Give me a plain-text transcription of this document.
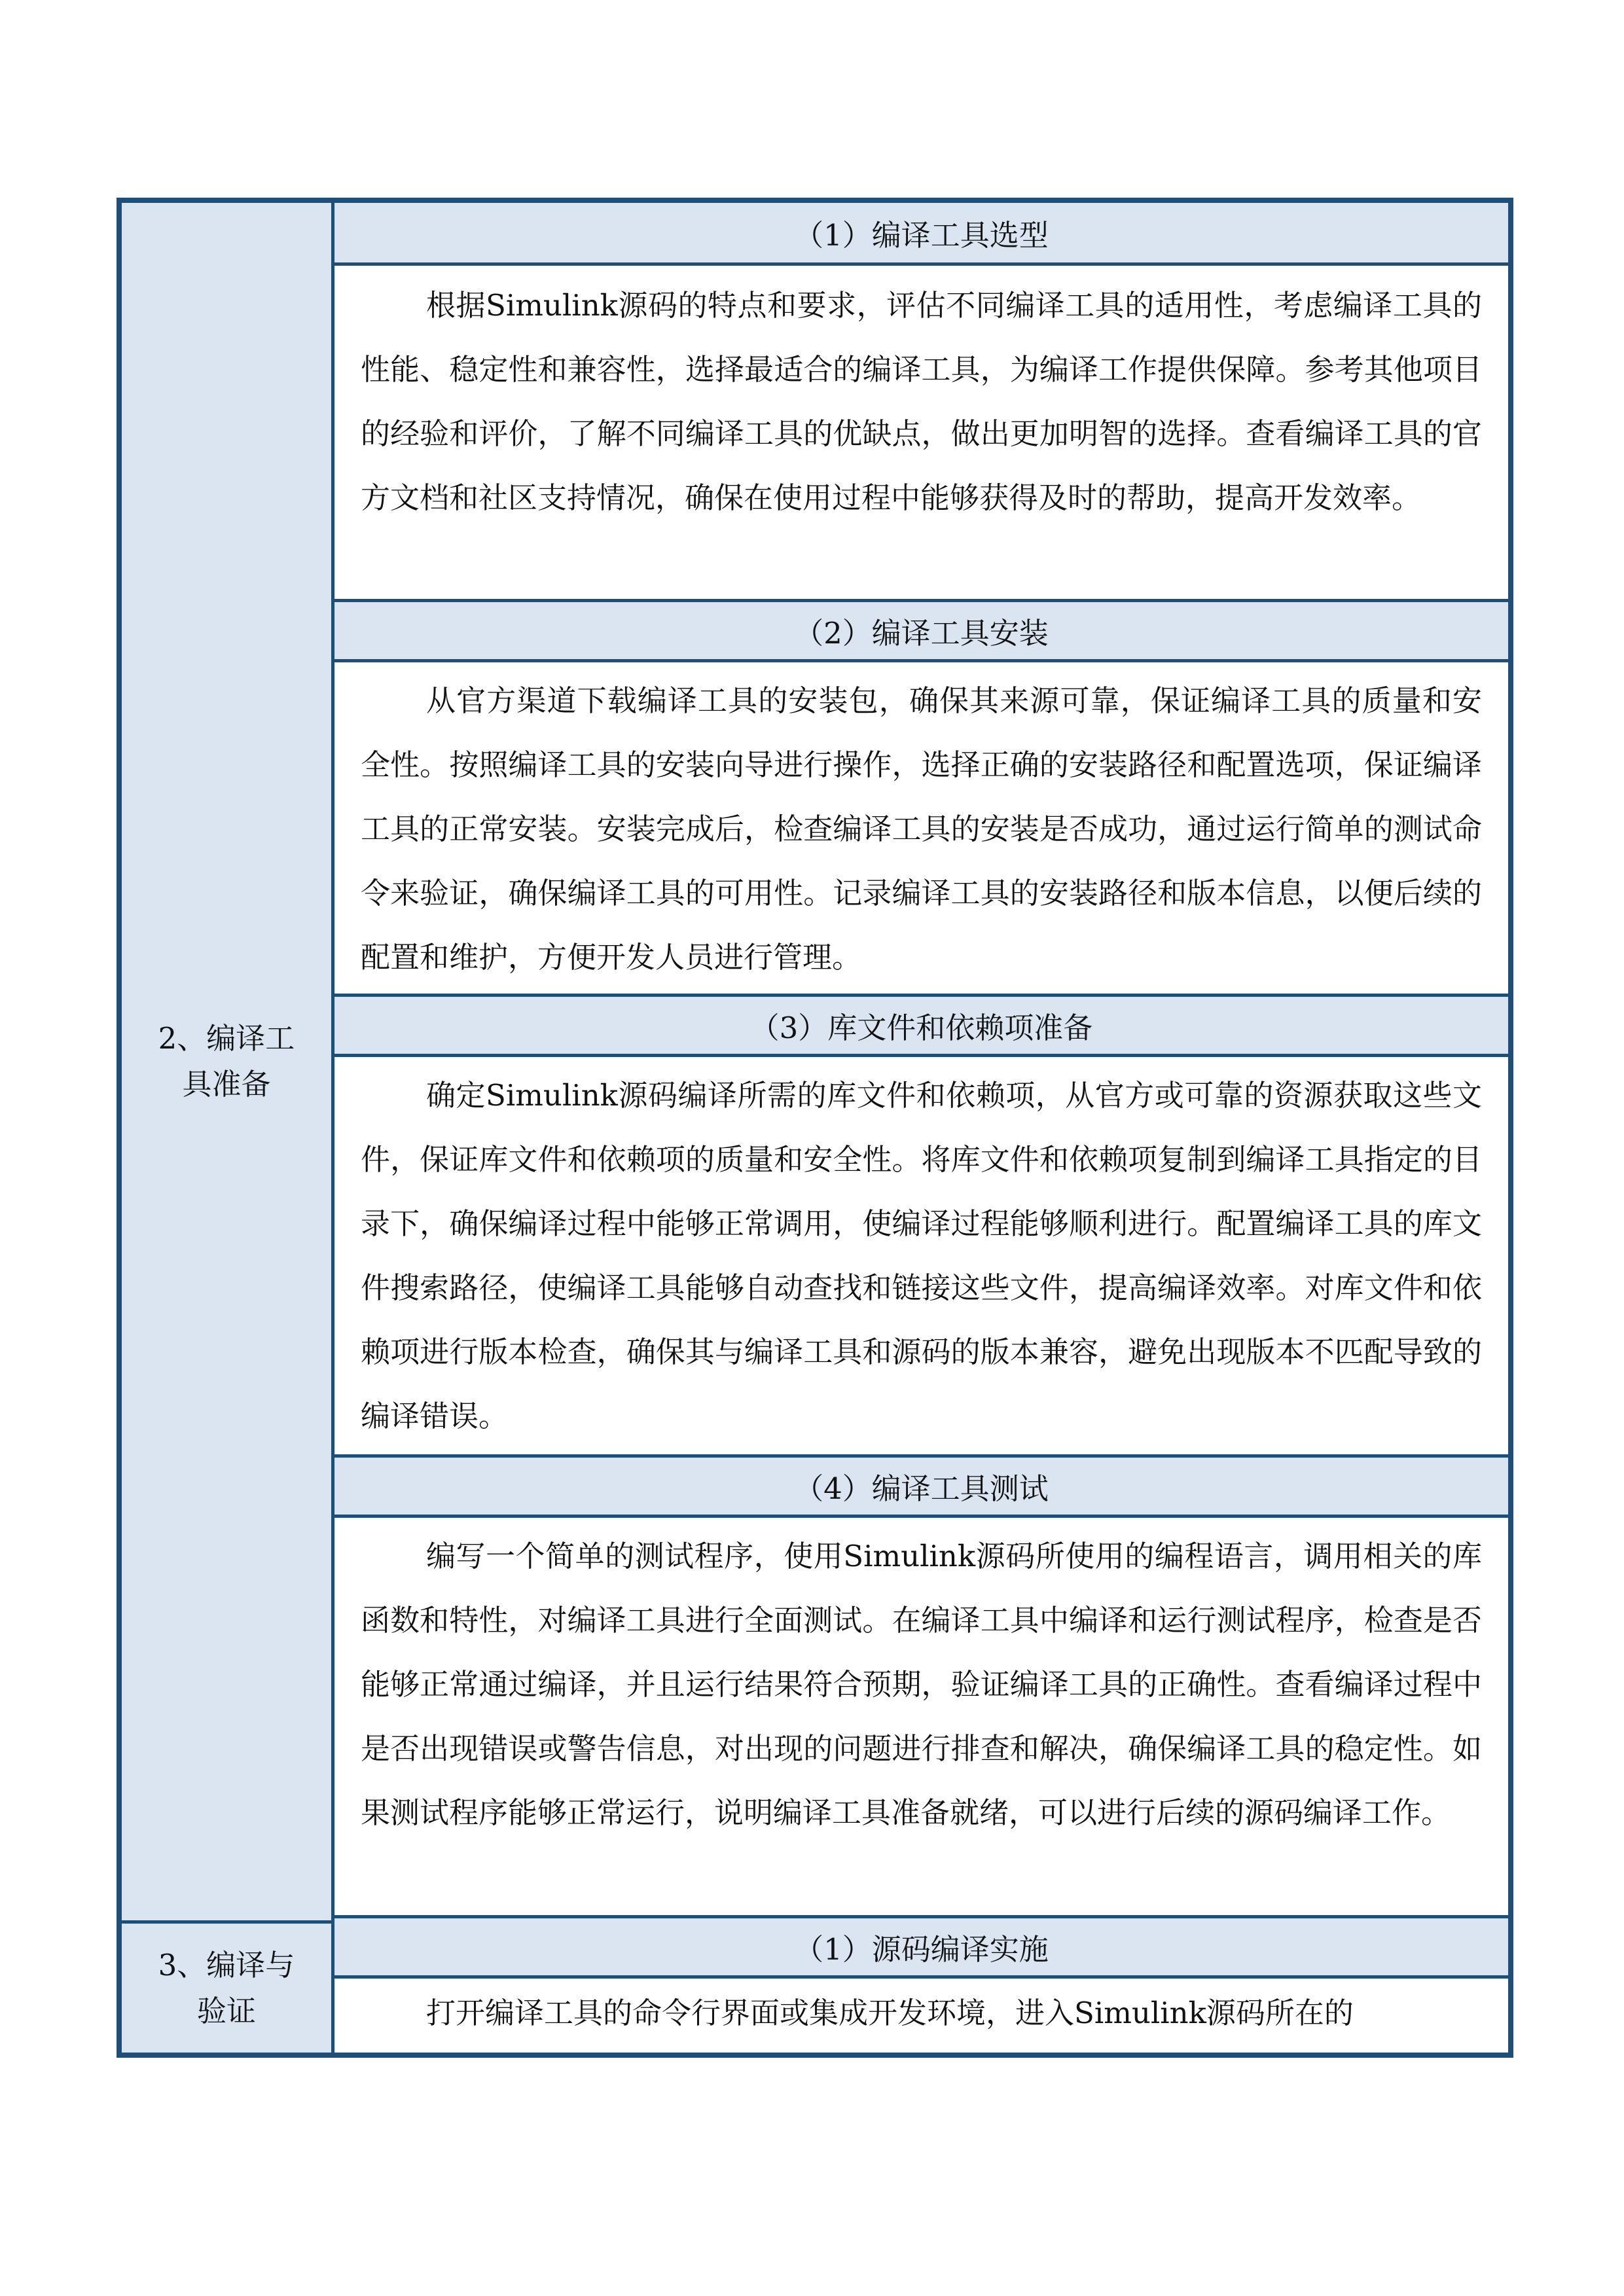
2、编译工具准备
3、编译与验证
（1）编译工具选型
根据Simulink源码的特点和要求，评估不同编译工具的适用性，考虑编译工具的性能、稳定性和兼容性，选择最适合的编译工具，为编译工作提供保障。参考其他项目的经验和评价，了解不同编译工具的优缺点，做出更加明智的选择。查看编译工具的官方文档和社区支持情况，确保在使用过程中能够获得及时的帮助，提高开发效率。
（2）编译工具安装
从官方渠道下载编译工具的安装包，确保其来源可靠，保证编译工具的质量和安全性。按照编译工具的安装向导进行操作，选择正确的安装路径和配置选项，保证编译工具的正常安装。安装完成后，检查编译工具的安装是否成功，通过运行简单的测试命令来验证，确保编译工具的可用性。记录编译工具的安装路径和版本信息，以便后续的配置和维护，方便开发人员进行管理。
（3）库文件和依赖项准备
确定Simulink源码编译所需的库文件和依赖项，从官方或可靠的资源获取这些文件，保证库文件和依赖项的质量和安全性。将库文件和依赖项复制到编译工具指定的目录下，确保编译过程中能够正常调用，使编译过程能够顺利进行。配置编译工具的库文件搜索路径，使编译工具能够自动查找和链接这些文件，提高编译效率。对库文件和依赖项进行版本检查，确保其与编译工具和源码的版本兼容，避免出现版本不匹配导致的编译错误。
（4）编译工具测试
编写一个简单的测试程序，使用Simulink源码所使用的编程语言，调用相关的库函数和特性，对编译工具进行全面测试。在编译工具中编译和运行测试程序，检查是否能够正常通过编译，并且运行结果符合预期，验证编译工具的正确性。查看编译过程中是否出现错误或警告信息，对出现的问题进行排查和解决，确保编译工具的稳定性。如果测试程序能够正常运行，说明编译工具准备就绪，可以进行后续的源码编译工作。
（1）源码编译实施
打开编译工具的命令行界面或集成开发环境，进入Simulink源码所在的
